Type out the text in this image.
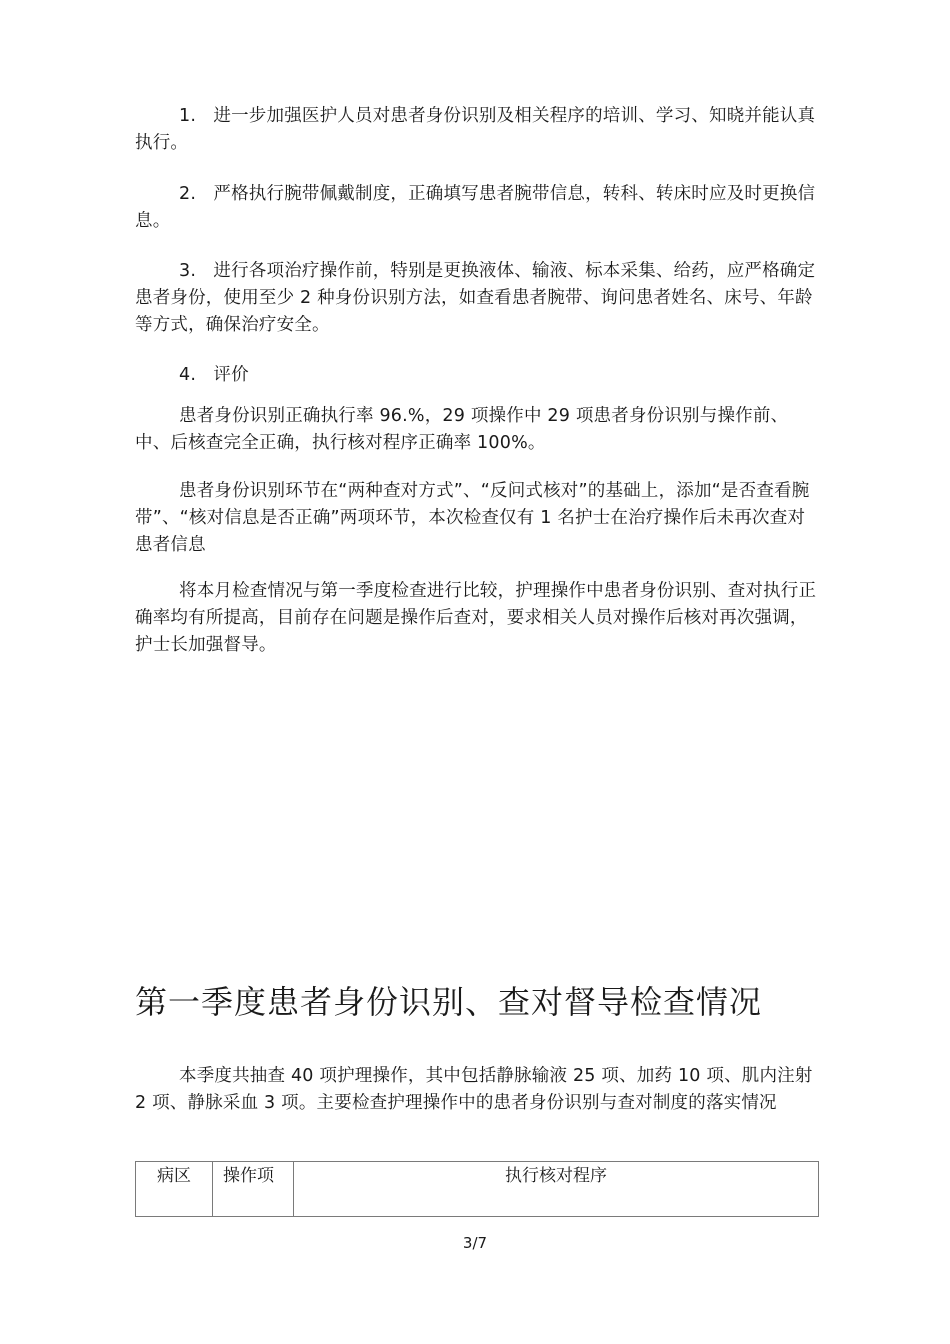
1. 进一步加强医护人员对患者身份识别及相关程序的培训、学习、知晓并能认真执行。

2. 严格执行腕带佩戴制度，正确填写患者腕带信息，转科、转床时应及时更换信息。

3. 进行各项治疗操作前，特别是更换液体、输液、标本采集、给药，应严格确定患者身份，使用至少 2 种身份识别方法，如查看患者腕带、询问患者姓名、床号、年龄等方式，确保治疗安全。

4. 评价

患者身份识别正确执行率 96.%，29 项操作中 29 项患者身份识别与操作前、中、后核查完全正确，执行核对程序正确率 100%。

患者身份识别环节在“两种查对方式”、“反问式核对”的基础上，添加“是否查看腕带”、“核对信息是否正确”两项环节，本次检查仅有 1 名护士在治疗操作后未再次查对患者信息

将本月检查情况与第一季度检查进行比较，护理操作中患者身份识别、查对执行正确率均有所提高，目前存在问题是操作后查对，要求相关人员对操作后核对再次强调，护士长加强督导。

第一季度患者身份识别、查对督导检查情况

本季度共抽查 40 项护理操作，其中包括静脉输液 25 项、加药 10 项、肌内注射 2 项、静脉采血 3 项。主要检查护理操作中的患者身份识别与查对制度的落实情况

病区	操作项	执行核对程序
3/7
